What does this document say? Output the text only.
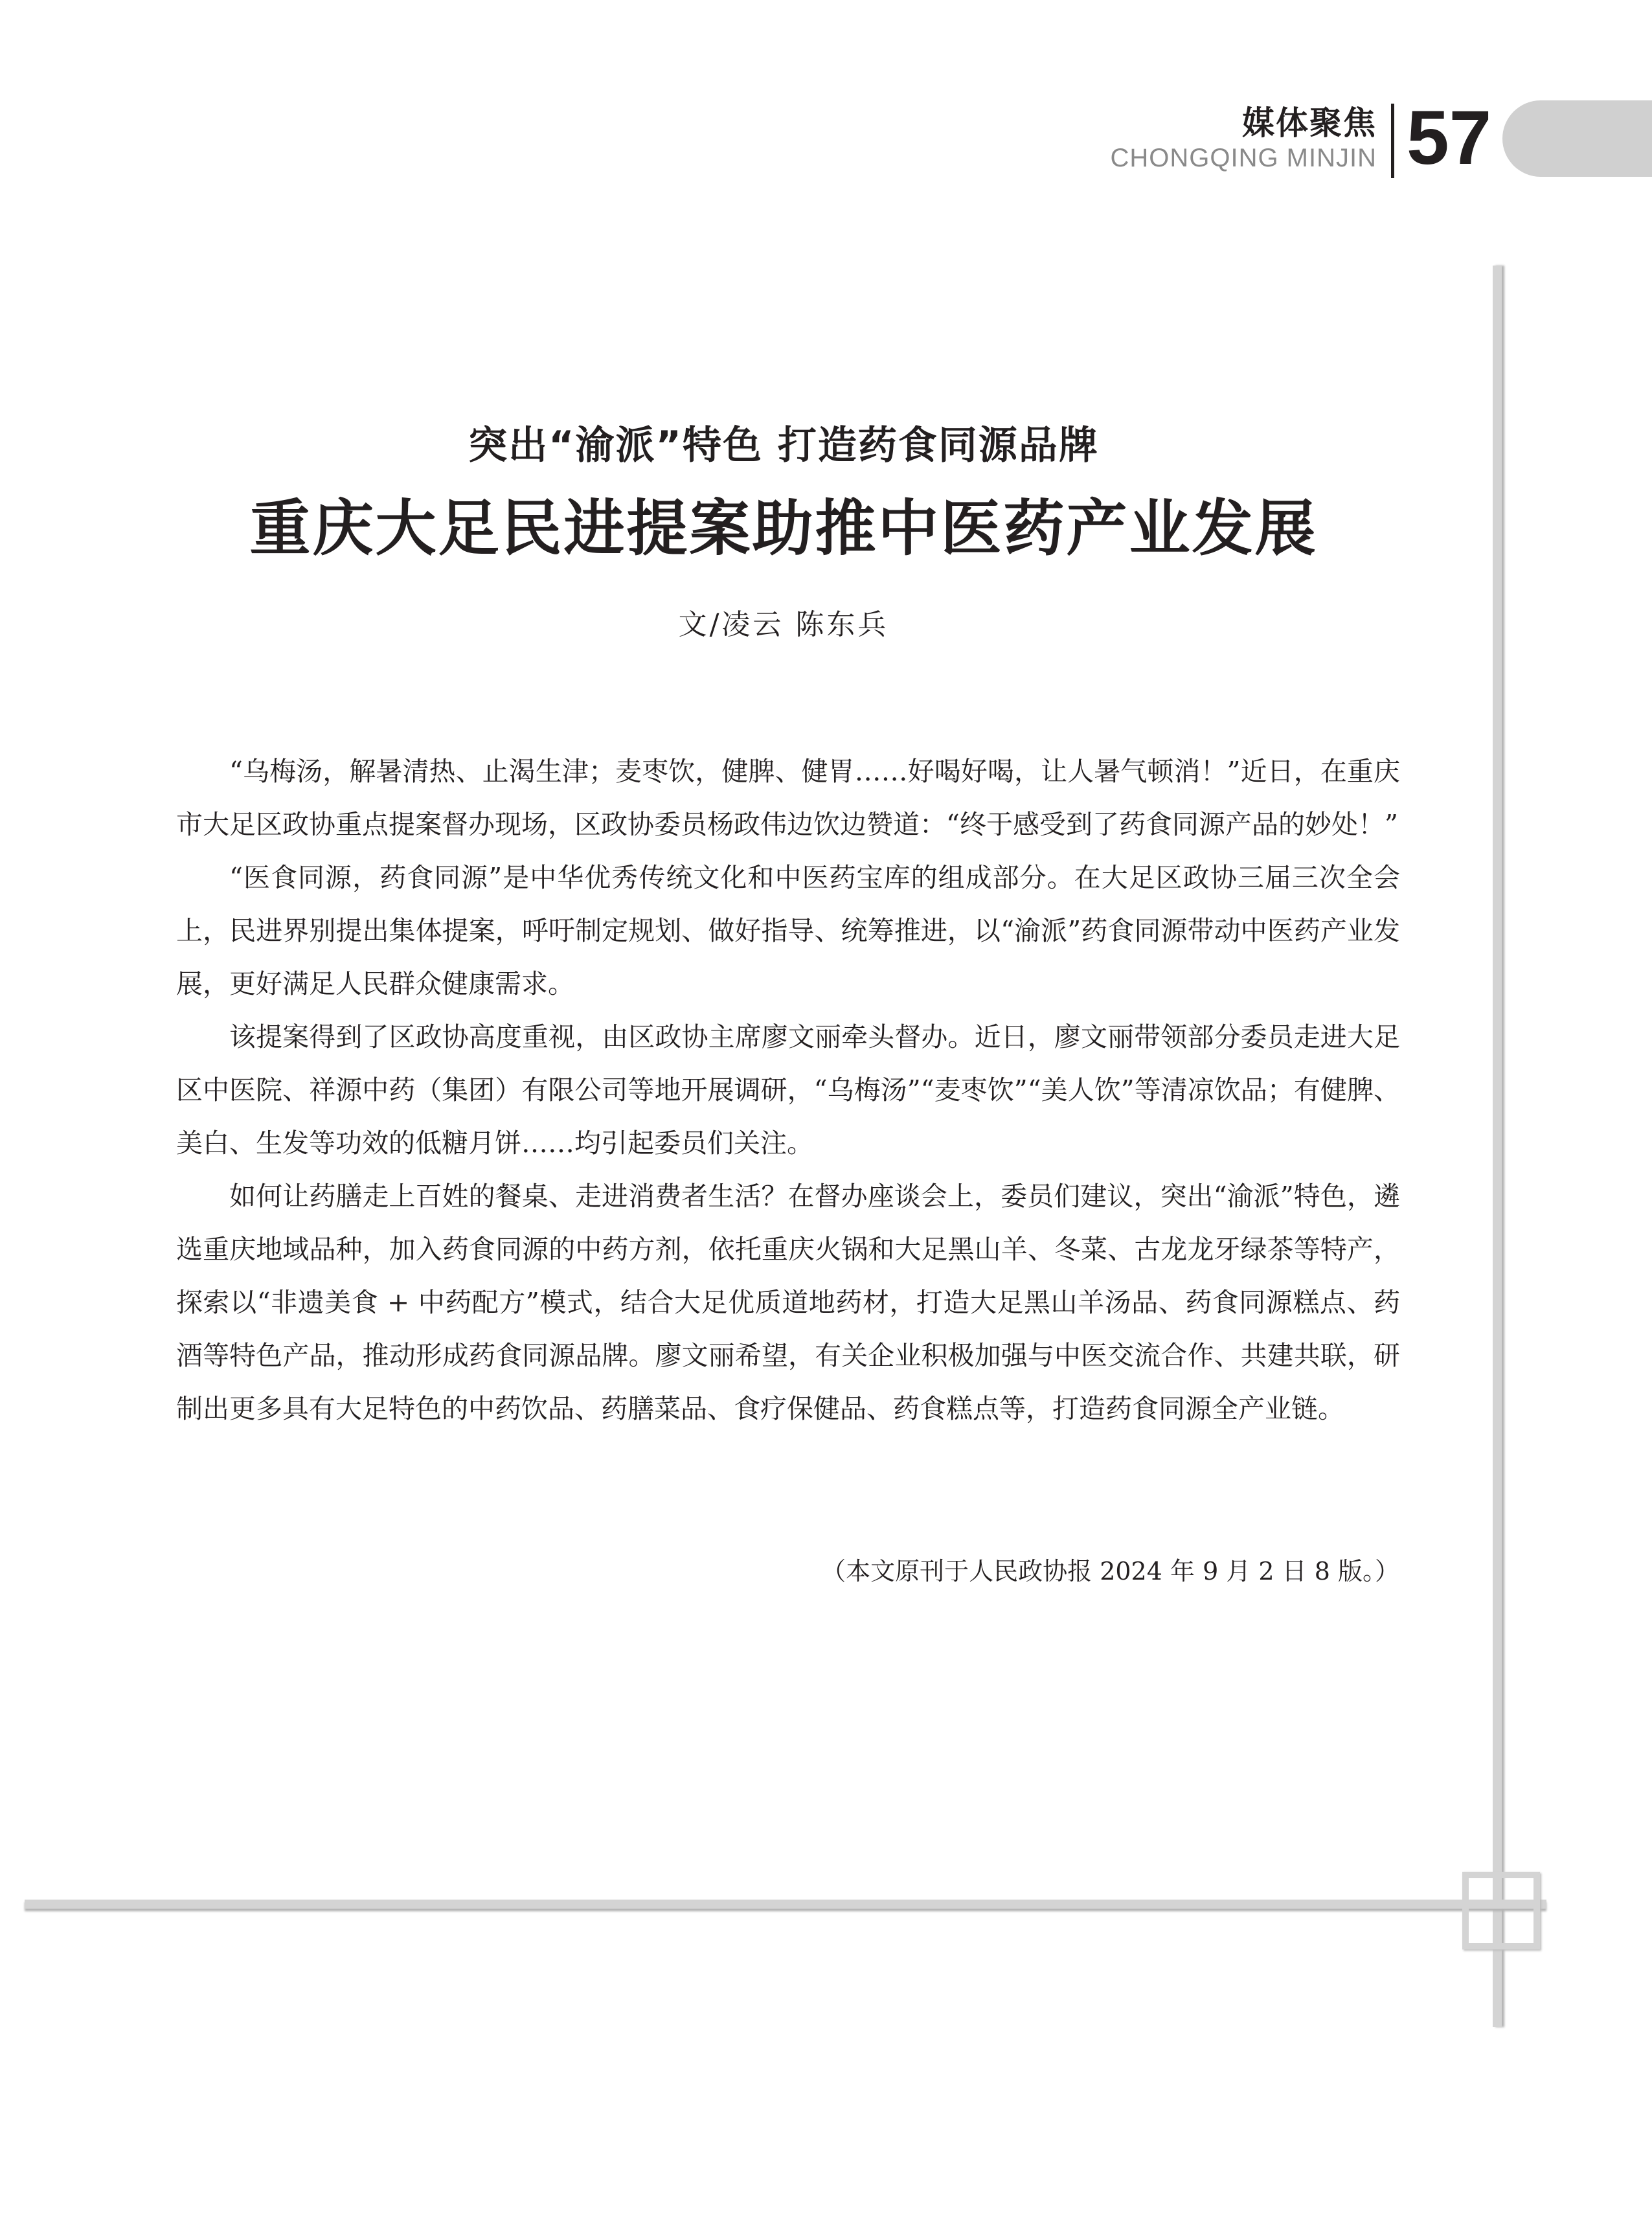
媒体聚焦
CHONGQING MINJIN 57
突出“渝派”特色 打造药食同源品牌
重庆大足民进提案助推中医药产业发展
文/凌云 陈东兵

“乌梅汤，解暑清热、止渴生津；麦枣饮，健脾、健胃……好喝好喝，让人暑气顿消！”近日，在重庆市大足区政协重点提案督办现场，区政协委员杨政伟边饮边赞道：“终于感受到了药食同源产品的妙处！”

“医食同源，药食同源”是中华优秀传统文化和中医药宝库的组成部分。在大足区政协三届三次全会上，民进界别提出集体提案，呼吁制定规划、做好指导、统筹推进，以“渝派”药食同源带动中医药产业发展，更好满足人民群众健康需求。

该提案得到了区政协高度重视，由区政协主席廖文丽牵头督办。近日，廖文丽带领部分委员走进大足区中医院、祥源中药（集团）有限公司等地开展调研，“乌梅汤”“麦枣饮”“美人饮”等清凉饮品；有健脾、美白、生发等功效的低糖月饼……均引起委员们关注。

如何让药膳走上百姓的餐桌、走进消费者生活？在督办座谈会上，委员们建议，突出“渝派”特色，遴选重庆地域品种，加入药食同源的中药方剂，依托重庆火锅和大足黑山羊、冬菜、古龙龙牙绿茶等特产，探索以“非遗美食 + 中药配方”模式，结合大足优质道地药材，打造大足黑山羊汤品、药食同源糕点、药酒等特色产品，推动形成药食同源品牌。廖文丽希望，有关企业积极加强与中医交流合作、共建共联，研制出更多具有大足特色的中药饮品、药膳菜品、食疗保健品、药食糕点等，打造药食同源全产业链。

（本文原刊于人民政协报 2024 年 9 月 2 日 8 版。）
